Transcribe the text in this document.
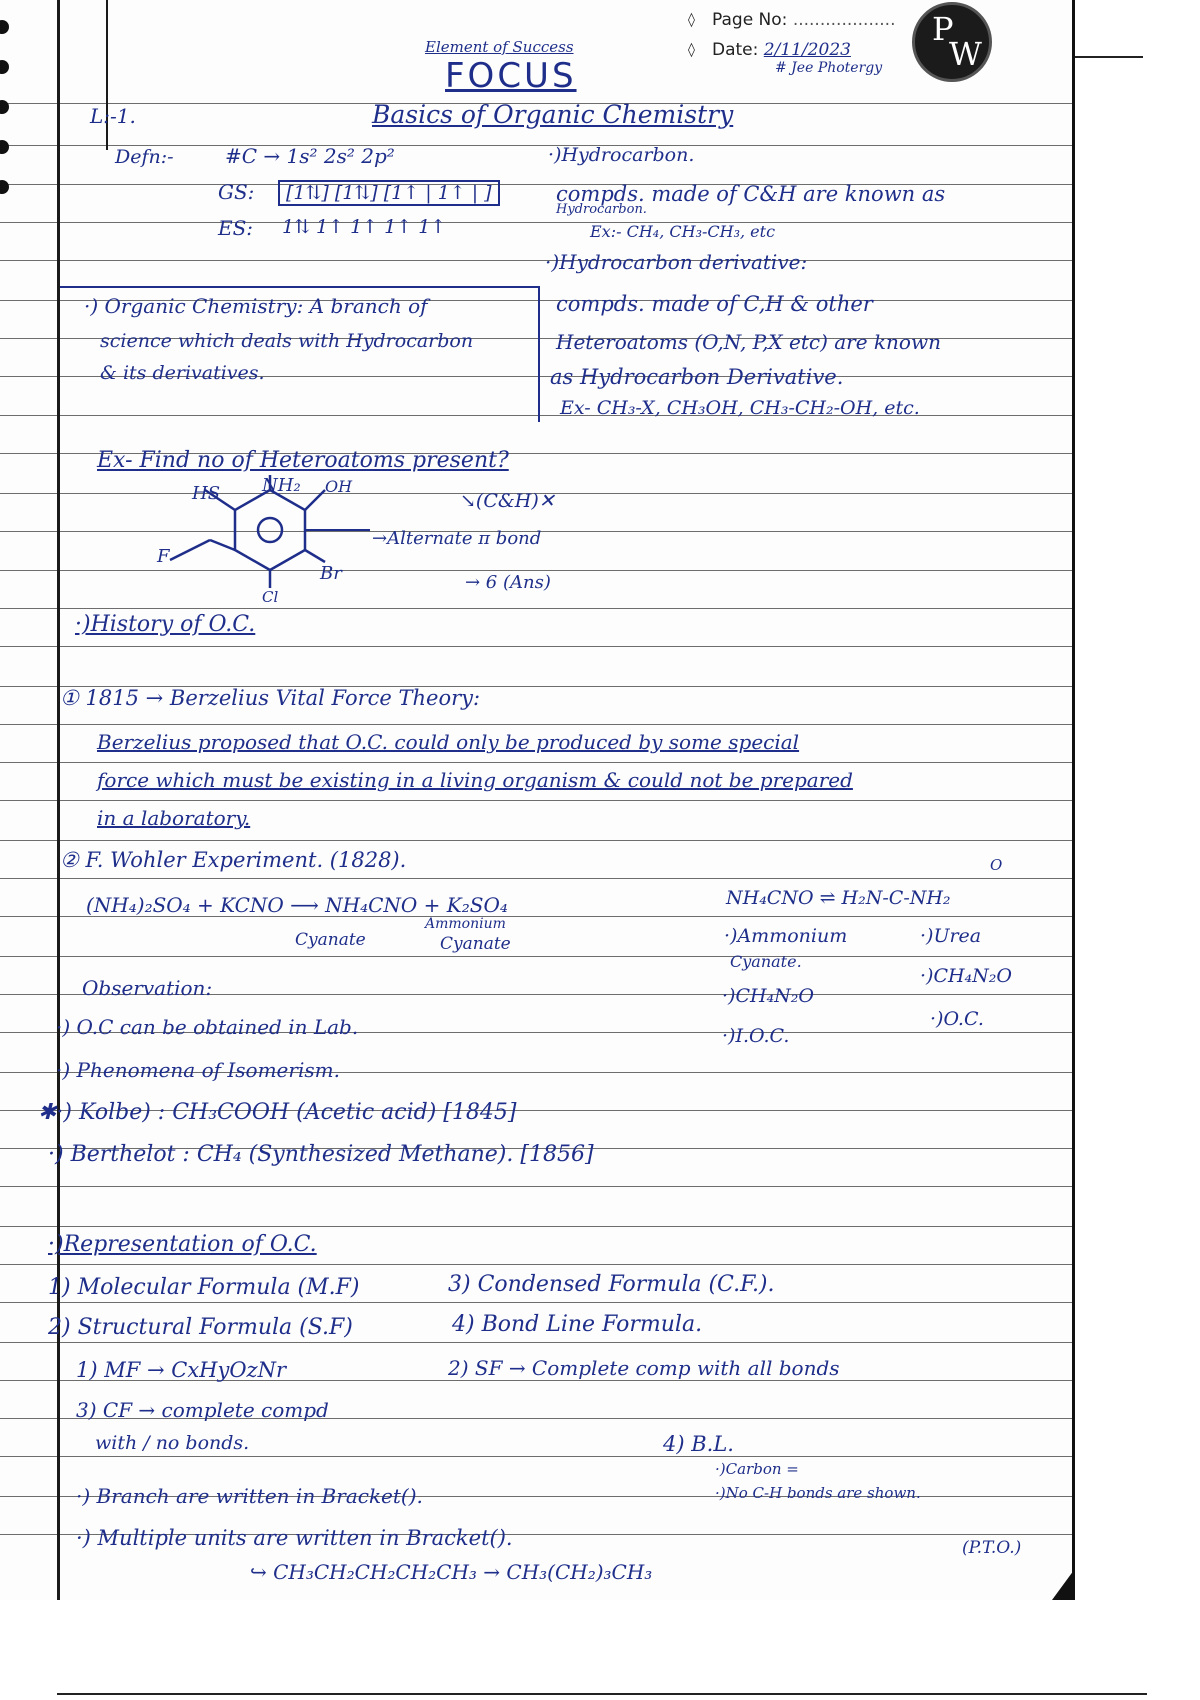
◊
◊
Page No: ...................
Date: 2/11/2023
P
W
Element of Success
FOCUS	# Jee Photergy
L:-1.	Basics of Organic Chemistry
Defn:-	#C → 1s² 2s² 2p²
GS:	[1⇅] [1⇅] [1↑ | 1↑ | ]
ES: 1⇅ 1↑ 1↑ 1↑ 1↑
·)Hydrocarbon.
compds. made of C&H are known as
Hydrocarbon.
Ex:- CH₄, CH₃-CH₃, etc
·)Hydrocarbon derivative:
compds. made of C,H & other
Heteroatoms (O,N, P,X etc) are known
as Hydrocarbon Derivative.
Ex- CH₃-X, CH₃OH, CH₃-CH₂-OH, etc.
·) Organic Chemistry: A branch of
science which deals with Hydrocarbon
& its derivatives.
Ex- Find no of Heteroatoms present?
HS NH₂ OH
F
Br
Cl
↘(C&H)✕
→Alternate π bond
→ 6 (Ans)
·)History of O.C.
① 1815 → Berzelius Vital Force Theory:
Berzelius proposed that O.C. could only be produced by some special
force which must be existing in a living organism & could not be prepared
in a laboratory.
② F. Wohler Experiment. (1828).
(NH₄)₂SO₄ + KCNO ⟶ NH₄CNO + K₂SO₄
Cyanate
Ammonium
Cyanate
O
NH₄CNO ⇌ H₂N-C-NH₂
·)Ammonium
Cyanate.
·)CH₄N₂O
·)I.O.C.
·)Urea
·)CH₄N₂O
·)O.C.
Observation:
·) O.C can be obtained in Lab.
·) Phenomena of Isomerism.
✱·) Kolbe) : CH₃COOH (Acetic acid) [1845]
·) Berthelot : CH₄ (Synthesized Methane). [1856]
·)Representation of O.C.
1) Molecular Formula (M.F)	3) Condensed Formula (C.F.).
2) Structural Formula (S.F)	4) Bond Line Formula.
1) MF → CxHyOzNr	2) SF → Complete comp with all bonds
3) CF → complete compd
with / no bonds.	4) B.L.
·)Carbon =
·)No C-H bonds are shown.
·) Branch are written in Bracket().
·) Multiple units are written in Bracket().
↪ CH₃CH₂CH₂CH₂CH₃ → CH₃(CH₂)₃CH₃
(P.T.O.)
